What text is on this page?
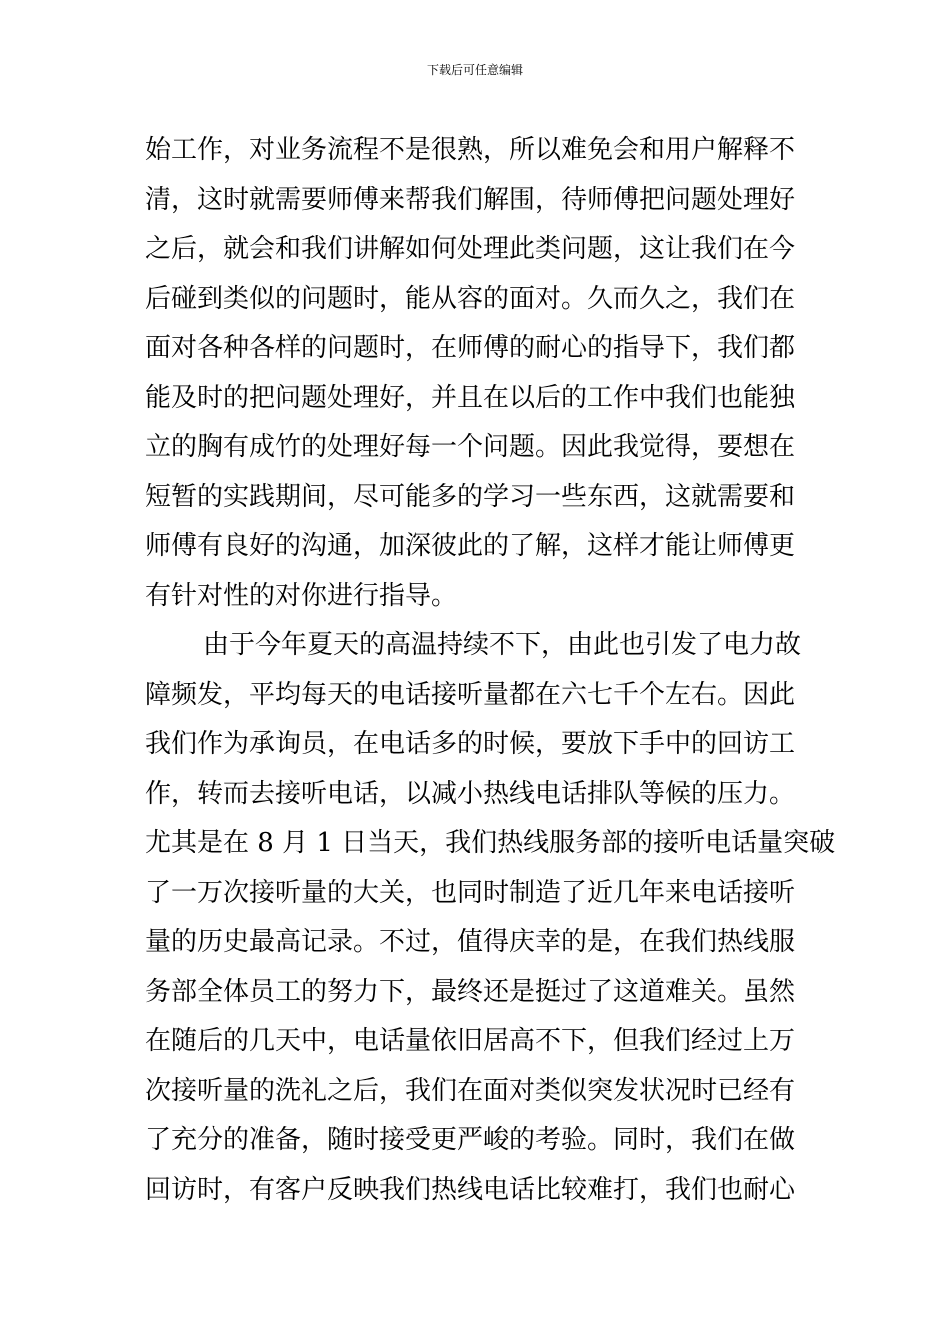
下载后可任意编辑
始工作，对业务流程不是很熟，所以难免会和用户解释不
清，这时就需要师傅来帮我们解围，待师傅把问题处理好
之后，就会和我们讲解如何处理此类问题，这让我们在今
后碰到类似的问题时，能从容的面对。久而久之，我们在
面对各种各样的问题时，在师傅的耐心的指导下，我们都
能及时的把问题处理好，并且在以后的工作中我们也能独
立的胸有成竹的处理好每一个问题。因此我觉得，要想在
短暂的实践期间，尽可能多的学习一些东西，这就需要和
师傅有良好的沟通，加深彼此的了解，这样才能让师傅更
有针对性的对你进行指导。
由于今年夏天的高温持续不下，由此也引发了电力故
障频发，平均每天的电话接听量都在六七千个左右。因此
我们作为承询员，在电话多的时候，要放下手中的回访工
作，转而去接听电话，以减小热线电话排队等候的压力。
尤其是在 8 月 1 日当天，我们热线服务部的接听电话量突破
了一万次接听量的大关，也同时制造了近几年来电话接听
量的历史最高记录。不过，值得庆幸的是，在我们热线服
务部全体员工的努力下，最终还是挺过了这道难关。虽然
在随后的几天中，电话量依旧居高不下，但我们经过上万
次接听量的洗礼之后，我们在面对类似突发状况时已经有
了充分的准备，随时接受更严峻的考验。同时，我们在做
回访时，有客户反映我们热线电话比较难打，我们也耐心
